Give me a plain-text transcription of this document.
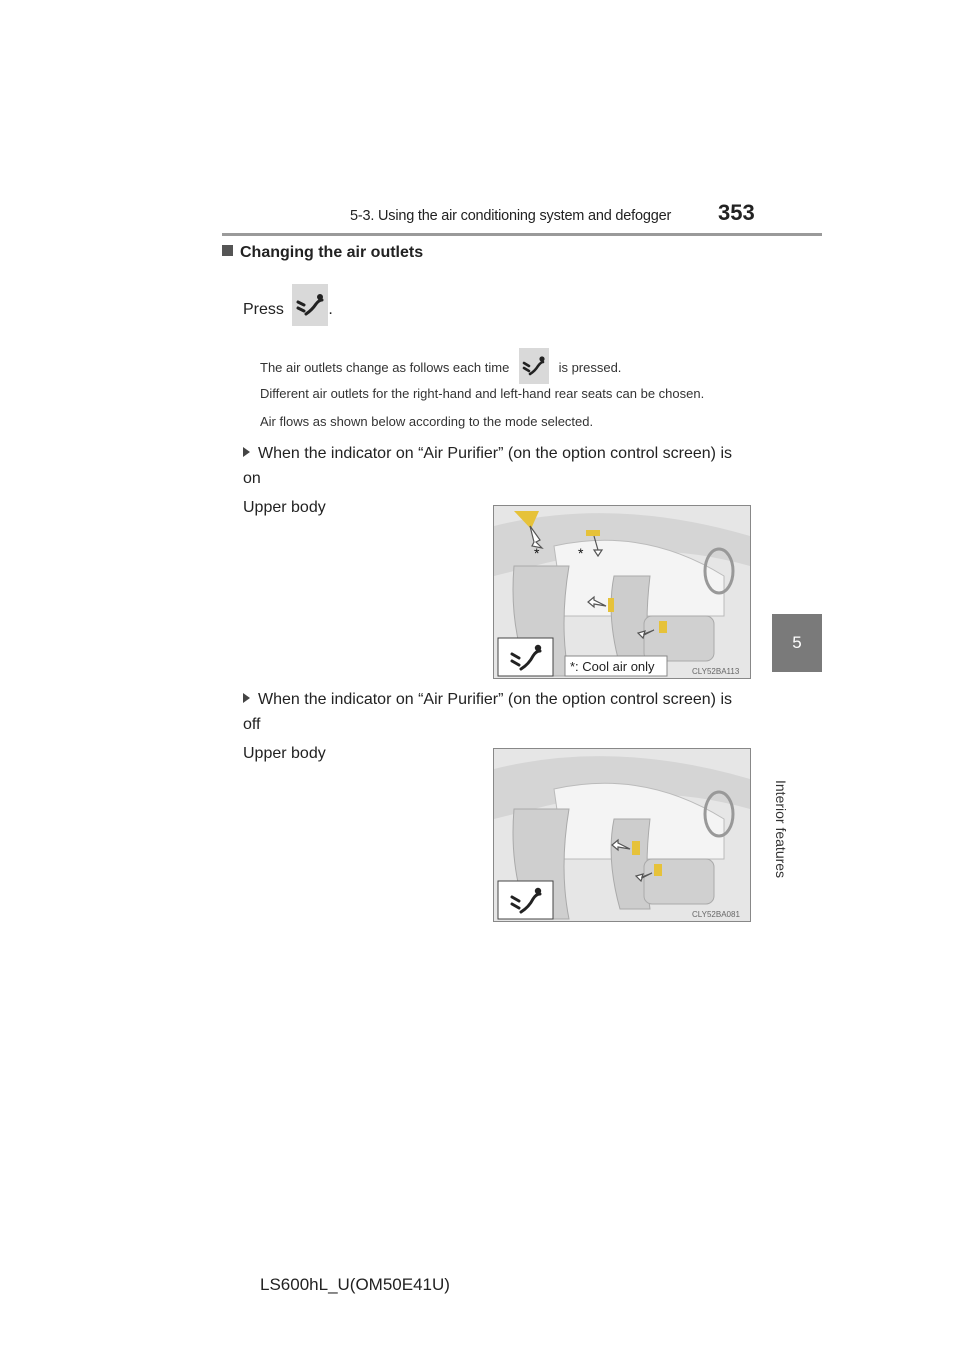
5-3. Using the air conditioning system and defogger 353
5
Interior features
Changing the air outlets
Press	.
The air outlets change as follows each time	is pressed.
Different air outlets for the right-hand and left-hand rear seats can be chosen.
Air flows as shown below according to the mode selected.
When the indicator on “Air Purifier” (on the option control screen) is on
Upper body
*	*
*: Cool air only	CLY52BA113
When the indicator on “Air Purifier” (on the option control screen) is off
Upper body
CLY52BA081
LS600hL_U(OM50E41U)
